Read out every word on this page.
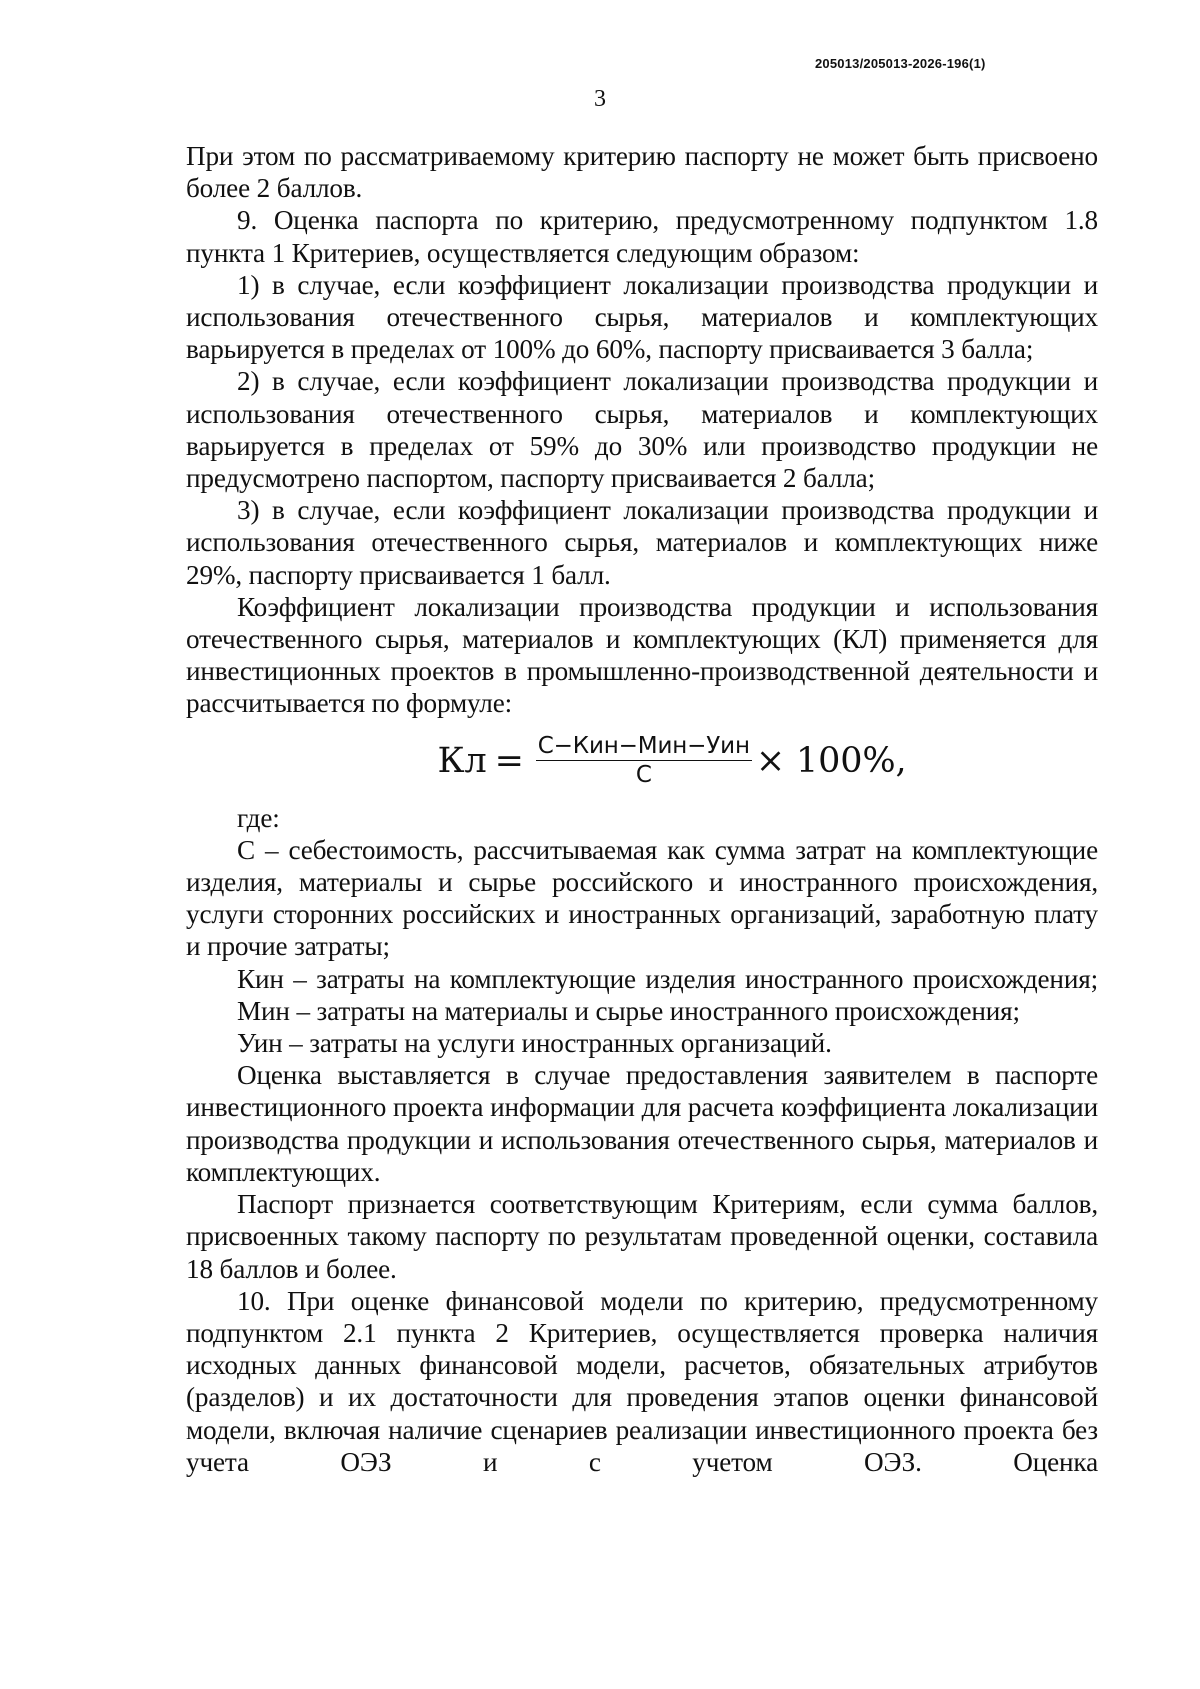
205013/205013-2026-196(1)
3

При этом по рассматриваемому критерию паспорту не может быть присвоено более 2 баллов.

9. Оценка паспорта по критерию, предусмотренному подпунктом 1.8 пункта 1 Критериев, осуществляется следующим образом:

1) в случае, если коэффициент локализации производства продукции и использования отечественного сырья, материалов и комплектующих варьируется в пределах от 100% до 60%, паспорту присваивается 3 балла;

2) в случае, если коэффициент локализации производства продукции и использования отечественного сырья, материалов и комплектующих варьируется в пределах от 59% до 30% или производство продукции не предусмотрено паспортом, паспорту присваивается 2 балла;

3) в случае, если коэффициент локализации производства продукции и использования отечественного сырья, материалов и комплектующих ниже 29%, паспорту присваивается 1 балл.

Коэффициент локализации производства продукции и использования отечественного сырья, материалов и комплектующих (КЛ) применяется для инвестиционных проектов в промышленно-производственной деятельности и рассчитывается по формуле:

Кл = $\frac{\text{С−Кин−Мин−Уин}}{С} \times 100\%$,

где:

С – себестоимость, рассчитываемая как сумма затрат на комплектующие изделия, материалы и сырье российского и иностранного происхождения, услуги сторонних российских и иностранных организаций, заработную плату и прочие затраты;

Кин – затраты на комплектующие изделия иностранного происхождения;

Мин – затраты на материалы и сырье иностранного происхождения;

Уин – затраты на услуги иностранных организаций.

Оценка выставляется в случае предоставления заявителем в паспорте инвестиционного проекта информации для расчета коэффициента локализации производства продукции и использования отечественного сырья, материалов и комплектующих.

Паспорт признается соответствующим Критериям, если сумма баллов, присвоенных такому паспорту по результатам проведенной оценки, составила 18 баллов и более.

10. При оценке финансовой модели по критерию, предусмотренному подпунктом 2.1 пункта 2 Критериев, осуществляется проверка наличия исходных данных финансовой модели, расчетов, обязательных атрибутов (разделов) и их достаточности для проведения этапов оценки финансовой модели, включая наличие сценариев реализации инвестиционного проекта без учета ОЭЗ и с учетом ОЭЗ. Оценка
